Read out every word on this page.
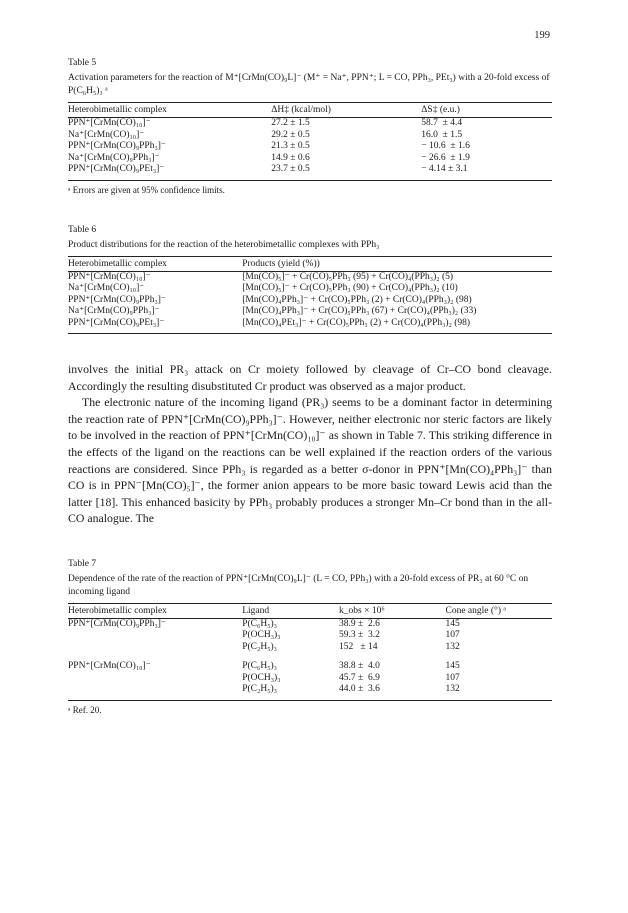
199

Table 5

Activation parameters for the reaction of M⁺[CrMn(CO)₉L]⁻ (M⁺ = Na⁺, PPN⁺; L = CO, PPh₃, PEt₃) with a 20-fold excess of P(C₆H₅)₃ ᵃ

Heterobimetallic complex	ΔH‡ (kcal/mol)	ΔS‡ (e.u.)
PPN⁺[CrMn(CO)₁₀]⁻	27.2 ± 1.5	58.7  ± 4.4
Na⁺[CrMn(CO)₁₀]⁻	29.2 ± 0.5	16.0  ± 1.5
PPN⁺[CrMn(CO)₉PPh₃]⁻	21.3 ± 0.5	− 10.6  ± 1.6
Na⁺[CrMn(CO)₉PPh₃]⁻	14.9 ± 0.6	− 26.6  ± 1.9
PPN⁺[CrMn(CO)₉PEt₃]⁻	23.7 ± 0.5	− 4.14 ± 3.1

ᵃ Errors are given at 95% confidence limits.

Table 6

Product distributions for the reaction of the heterobimetallic complexes with PPh₃

Heterobimetallic complex	Products (yield (%))
PPN⁺[CrMn(CO)₁₀]⁻	[Mn(CO)₅]⁻ + Cr(CO)₅PPh₃ (95) + Cr(CO)₄(PPh₃)₂ (5)
Na⁺[CrMn(CO)₁₀]⁻	[Mn(CO)₅]⁻ + Cr(CO)₅PPh₃ (90) + Cr(CO)₄(PPh₃)₂ (10)
PPN⁺[CrMn(CO)₉PPh₃]⁻	[Mn(CO)₄PPh₃]⁻ + Cr(CO)₅PPh₃ (2) + Cr(CO)₄(PPh₃)₂ (98)
Na⁺[CrMn(CO)₉PPh₃]⁻	[Mn(CO)₄PPh₃]⁻ + Cr(CO)₅PPh₃ (67) + Cr(CO)₄(PPh₃)₂ (33)
PPN⁺[CrMn(CO)₉PEt₃]⁻	[Mn(CO)₄PEt₃]⁻ + Cr(CO)₅PPh₃ (2) + Cr(CO)₄(PPh₃)₂ (98)

involves the initial PR₃ attack on Cr moiety followed by cleavage of Cr–CO bond cleavage. Accordingly the resulting disubstituted Cr product was observed as a major product.

The electronic nature of the incoming ligand (PR₃) seems to be a dominant factor in determining the reaction rate of PPN⁺[CrMn(CO)₉PPh₃]⁻. However, neither electronic nor steric factors are likely to be involved in the reaction of PPN⁺[CrMn(CO)₁₀]⁻ as shown in Table 7. This striking difference in the effects of the ligand on the reactions can be well explained if the reaction orders of the various reactions are considered. Since PPh₃ is regarded as a better σ-donor in PPN⁺[Mn(CO)₄PPh₃]⁻ than CO is in PPN⁻[Mn(CO)₅]⁻, the former anion appears to be more basic toward Lewis acid than the latter [18]. This enhanced basicity by PPh₃ probably produces a stronger Mn–Cr bond than in the all-CO analogue. The

Table 7

Dependence of the rate of the reaction of PPN⁺[CrMn(CO)₉L]⁻ (L = CO, PPh₃) with a 20-fold excess of PR₃ at 60 °C on incoming ligand

Heterobimetallic complex	Ligand	k_obs × 10⁶	Cone angle (°) ᵃ
PPN⁺[CrMn(CO)₉PPh₃]⁻	P(C₆H₅)₃	38.9 ±  2.6	145
	P(OCH₃)₃	59.3 ±  3.2	107
	P(C₂H₅)₃	152   ± 14	132

PPN⁺[CrMn(CO)₁₀]⁻	P(C₆H₅)₃	38.8 ±  4.0	145
	P(OCH₃)₃	45.7 ±  6.9	107
	P(C₂H₅)₃	44.0 ±  3.6	132

ᵃ Ref. 20.
